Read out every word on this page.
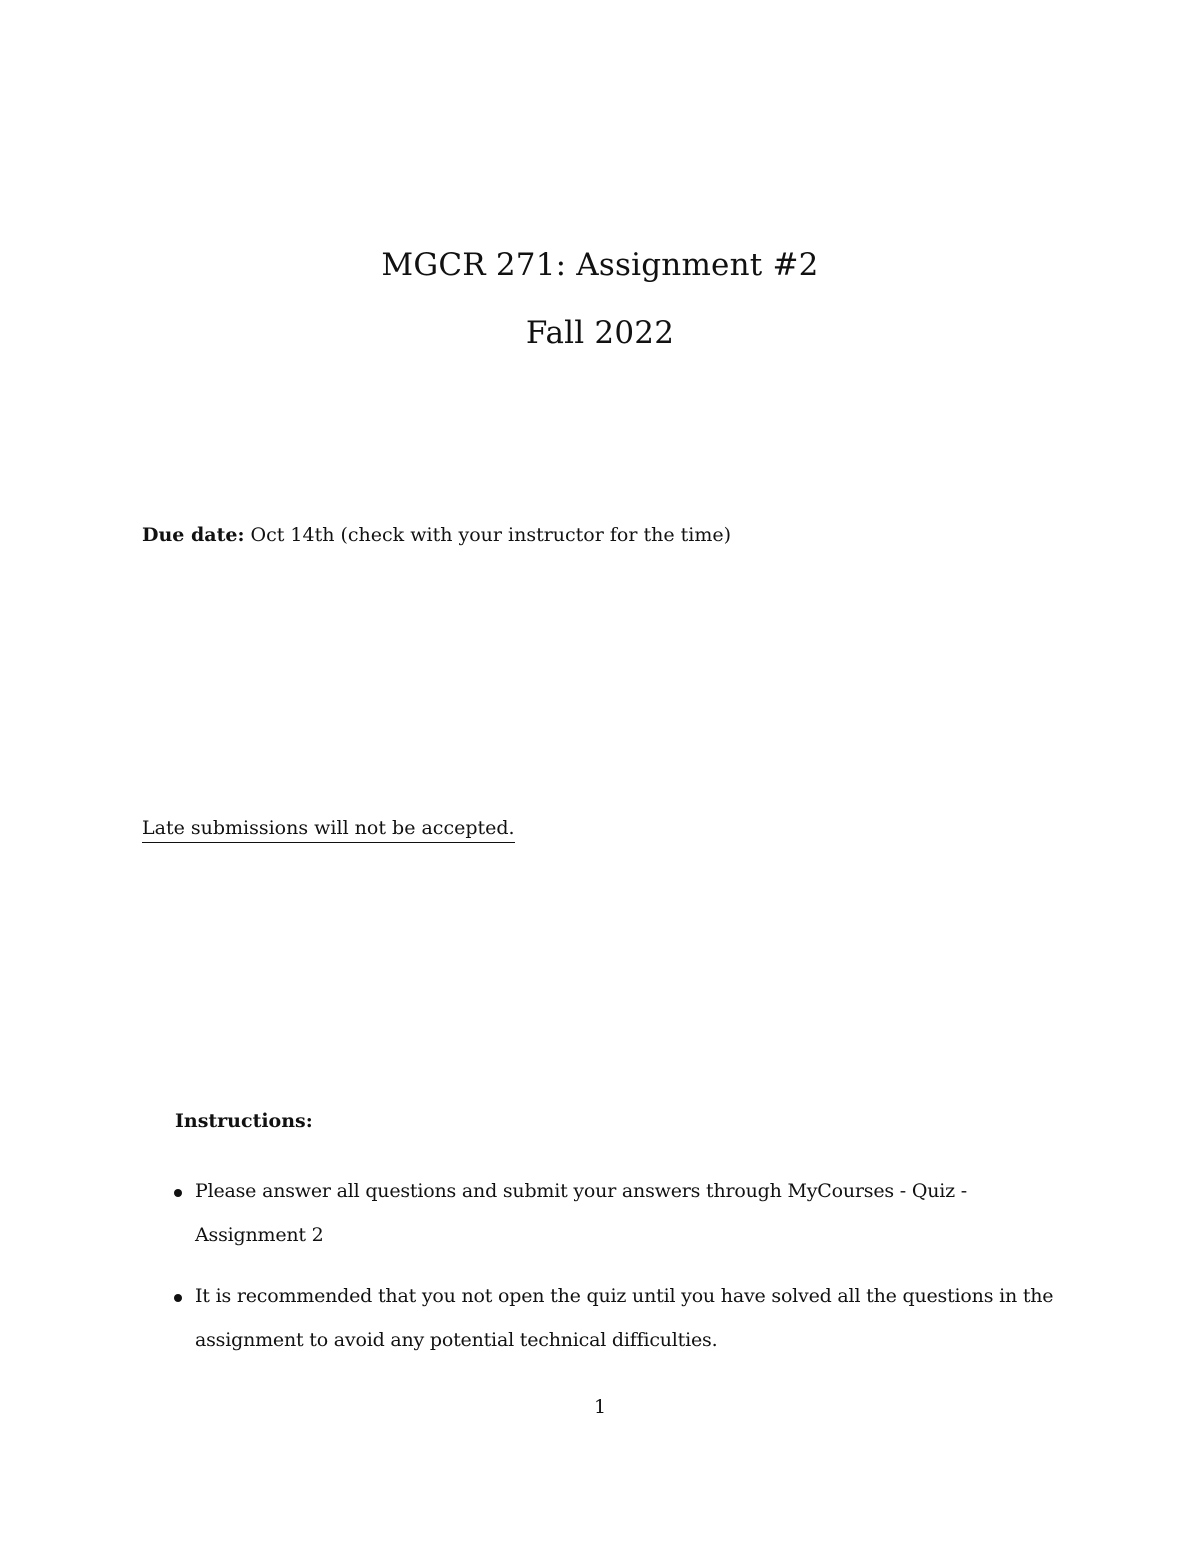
MGCR 271: Assignment #2
Fall 2022

Due date: Oct 14th (check with your instructor for the time)

Late submissions will not be accepted.

Instructions:

Please answer all questions and submit your answers through MyCourses - Quiz - Assignment 2
It is recommended that you not open the quiz until you have solved all the questions in the assignment to avoid any potential technical difficulties.

1
